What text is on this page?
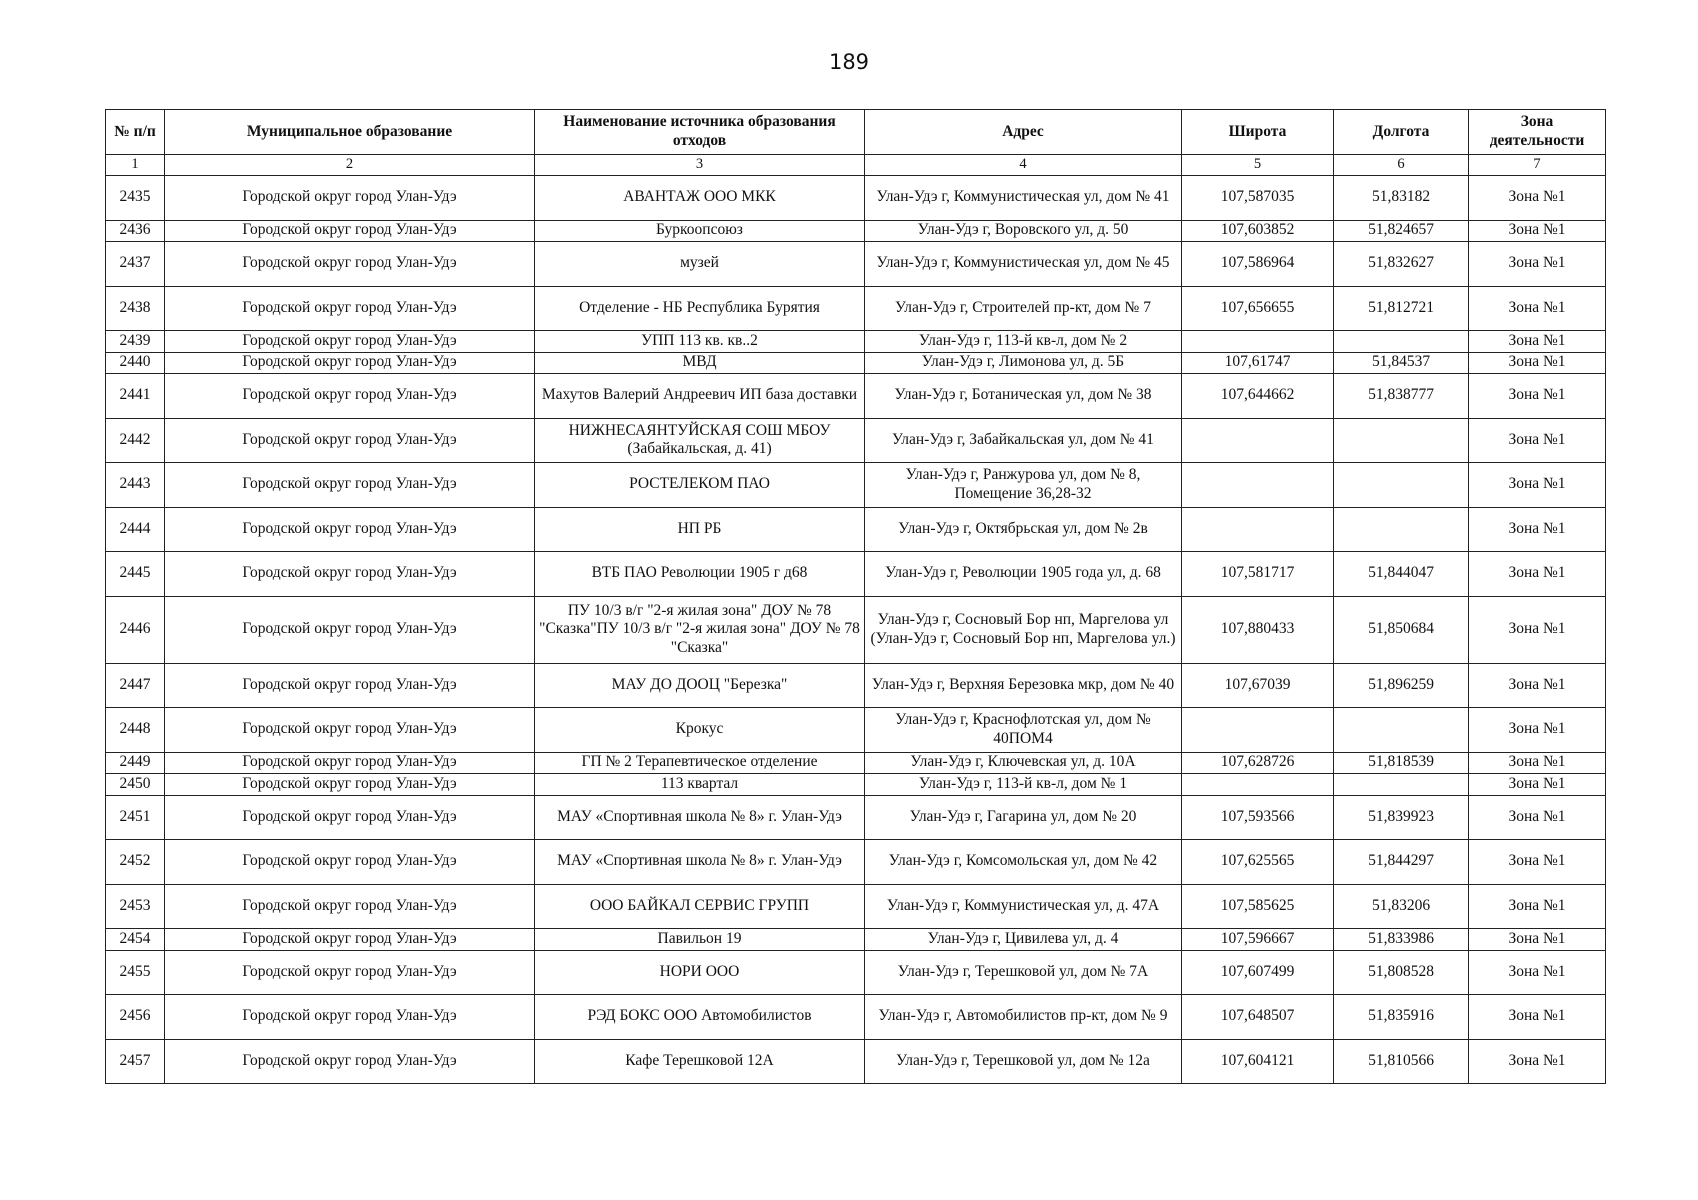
189
№ п/п	Муниципальное образование	Наименование источника образования отходов	Адрес	Широта	Долгота	Зона деятельности
1	2	3	4	5	6	7
2435	Городской округ город Улан-Удэ	АВАНТАЖ ООО МКК	Улан-Удэ г, Коммунистическая ул, дом № 41	107,587035	51,83182	Зона №1
2436	Городской округ город Улан-Удэ	Буркоопсоюз	Улан-Удэ г, Воровского ул, д. 50	107,603852	51,824657	Зона №1
2437	Городской округ город Улан-Удэ	музей	Улан-Удэ г, Коммунистическая ул, дом № 45	107,586964	51,832627	Зона №1
2438	Городской округ город Улан-Удэ	Отделение - НБ Республика Бурятия	Улан-Удэ г, Строителей пр-кт, дом № 7	107,656655	51,812721	Зона №1
2439	Городской округ город Улан-Удэ	УПП 113 кв. кв..2	Улан-Удэ г, 113-й кв-л, дом № 2			Зона №1
2440	Городской округ город Улан-Удэ	МВД	Улан-Удэ г, Лимонова ул, д. 5Б	107,61747	51,84537	Зона №1
2441	Городской округ город Улан-Удэ	Махутов Валерий Андреевич ИП база доставки	Улан-Удэ г, Ботаническая ул, дом № 38	107,644662	51,838777	Зона №1
2442	Городской округ город Улан-Удэ	НИЖНЕСАЯНТУЙСКАЯ СОШ МБОУ (Забайкальская, д. 41)	Улан-Удэ г, Забайкальская ул, дом № 41			Зона №1
2443	Городской округ город Улан-Удэ	РОСТЕЛЕКОМ ПАО	Улан-Удэ г, Ранжурова ул, дом № 8, Помещение 36,28-32			Зона №1
2444	Городской округ город Улан-Удэ	НП РБ	Улан-Удэ г, Октябрьская ул, дом № 2в			Зона №1
2445	Городской округ город Улан-Удэ	ВТБ ПАО Революции 1905 г д68	Улан-Удэ г, Революции 1905 года ул, д. 68	107,581717	51,844047	Зона №1
2446	Городской округ город Улан-Удэ	ПУ 10/3 в/г "2-я жилая зона" ДОУ № 78 "Сказка"ПУ 10/3 в/г "2-я жилая зона" ДОУ № 78 "Сказка"	Улан-Удэ г, Сосновый Бор нп, Маргелова ул (Улан-Удэ г, Сосновый Бор нп, Маргелова ул.)	107,880433	51,850684	Зона №1
2447	Городской округ город Улан-Удэ	МАУ ДО ДООЦ "Березка"	Улан-Удэ г, Верхняя Березовка мкр, дом № 40	107,67039	51,896259	Зона №1
2448	Городской округ город Улан-Удэ	Крокус	Улан-Удэ г, Краснофлотская ул, дом № 40ПОМ4			Зона №1
2449	Городской округ город Улан-Удэ	ГП № 2 Терапевтическое отделение	Улан-Удэ г, Ключевская ул, д. 10А	107,628726	51,818539	Зона №1
2450	Городской округ город Улан-Удэ	113 квартал	Улан-Удэ г, 113-й кв-л, дом № 1			Зона №1
2451	Городской округ город Улан-Удэ	МАУ «Спортивная школа № 8» г. Улан-Удэ	Улан-Удэ г, Гагарина ул, дом № 20	107,593566	51,839923	Зона №1
2452	Городской округ город Улан-Удэ	МАУ «Спортивная школа № 8» г. Улан-Удэ	Улан-Удэ г, Комсомольская ул, дом № 42	107,625565	51,844297	Зона №1
2453	Городской округ город Улан-Удэ	ООО БАЙКАЛ СЕРВИС ГРУПП	Улан-Удэ г, Коммунистическая ул, д. 47А	107,585625	51,83206	Зона №1
2454	Городской округ город Улан-Удэ	Павильон 19	Улан-Удэ г, Цивилева ул, д. 4	107,596667	51,833986	Зона №1
2455	Городской округ город Улан-Удэ	НОРИ ООО	Улан-Удэ г, Терешковой ул, дом № 7А	107,607499	51,808528	Зона №1
2456	Городской округ город Улан-Удэ	РЭД БОКС ООО Автомобилистов	Улан-Удэ г, Автомобилистов пр-кт, дом № 9	107,648507	51,835916	Зона №1
2457	Городской округ город Улан-Удэ	Кафе Терешковой 12А	Улан-Удэ г, Терешковой ул, дом № 12а	107,604121	51,810566	Зона №1
